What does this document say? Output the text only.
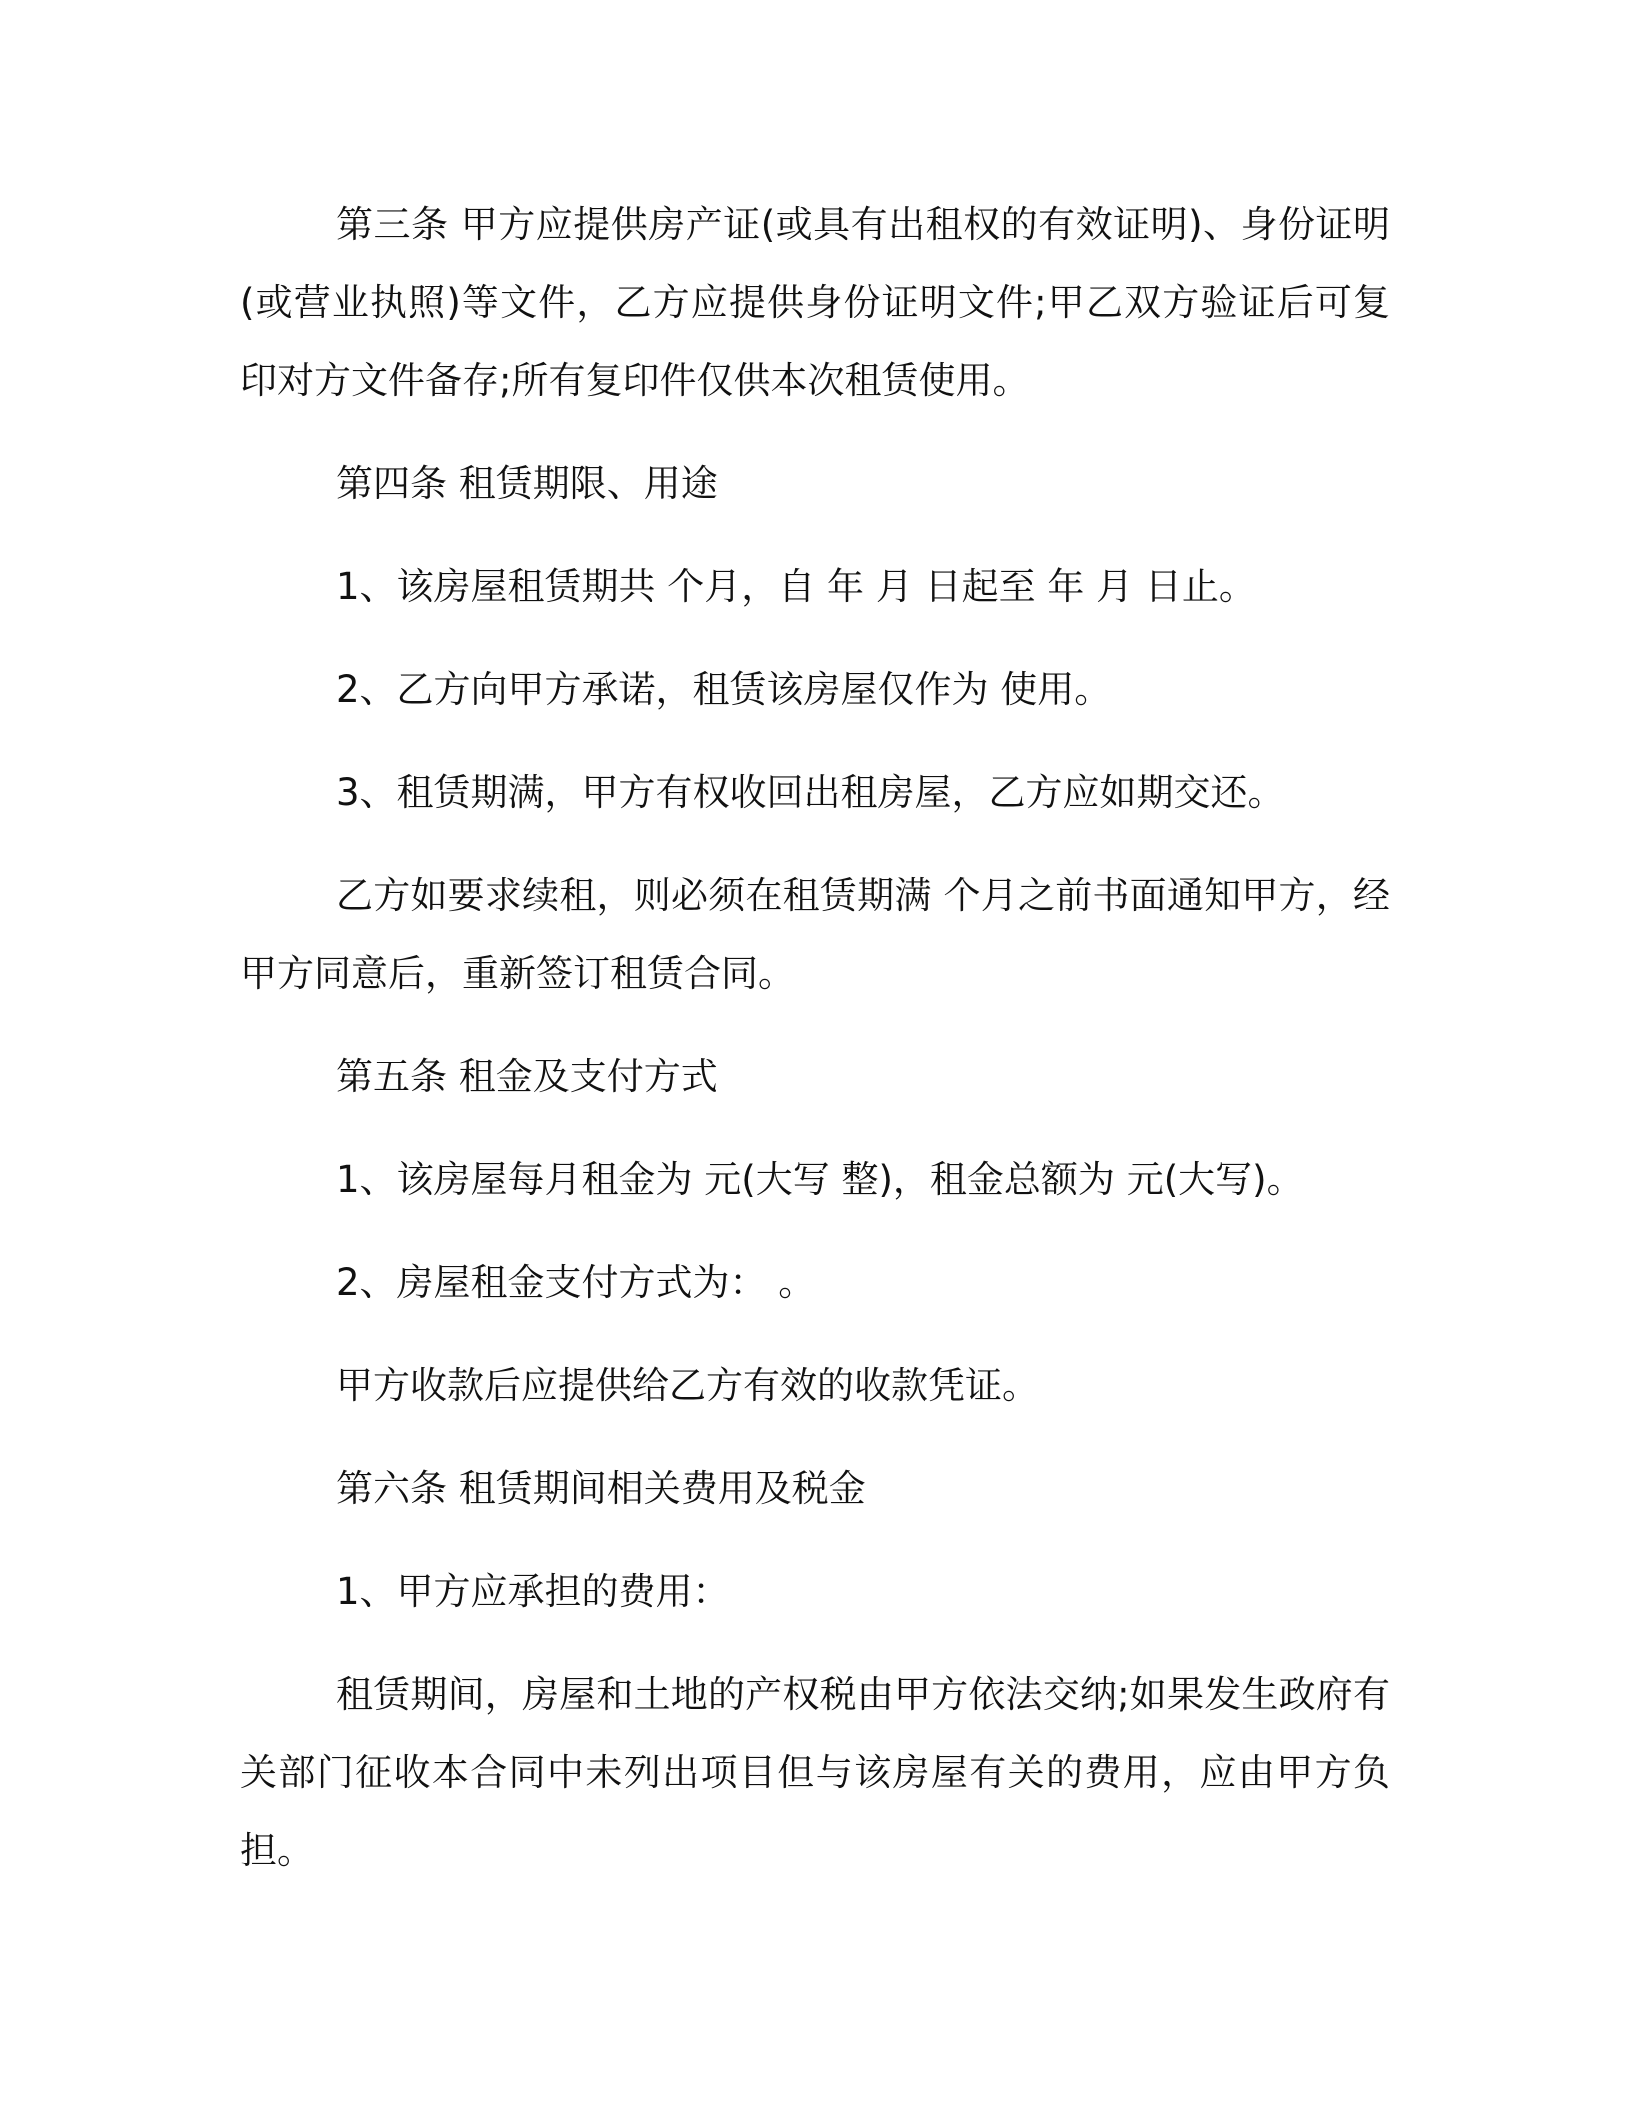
第三条 甲方应提供房产证(或具有出租权的有效证明)、身份证明(或营业执照)等文件，乙方应提供身份证明文件;甲乙双方验证后可复印对方文件备存;所有复印件仅供本次租赁使用。

第四条 租赁期限、用途

1、该房屋租赁期共 个月，自 年 月 日起至 年 月 日止。

2、乙方向甲方承诺，租赁该房屋仅作为 使用。

3、租赁期满，甲方有权收回出租房屋，乙方应如期交还。

乙方如要求续租，则必须在租赁期满 个月之前书面通知甲方，经甲方同意后，重新签订租赁合同。

第五条 租金及支付方式

1、该房屋每月租金为 元(大写 整)，租金总额为 元(大写)。

2、房屋租金支付方式为： 。

甲方收款后应提供给乙方有效的收款凭证。

第六条 租赁期间相关费用及税金

1、甲方应承担的费用：

租赁期间，房屋和土地的产权税由甲方依法交纳;如果发生政府有关部门征收本合同中未列出项目但与该房屋有关的费用，应由甲方负担。
